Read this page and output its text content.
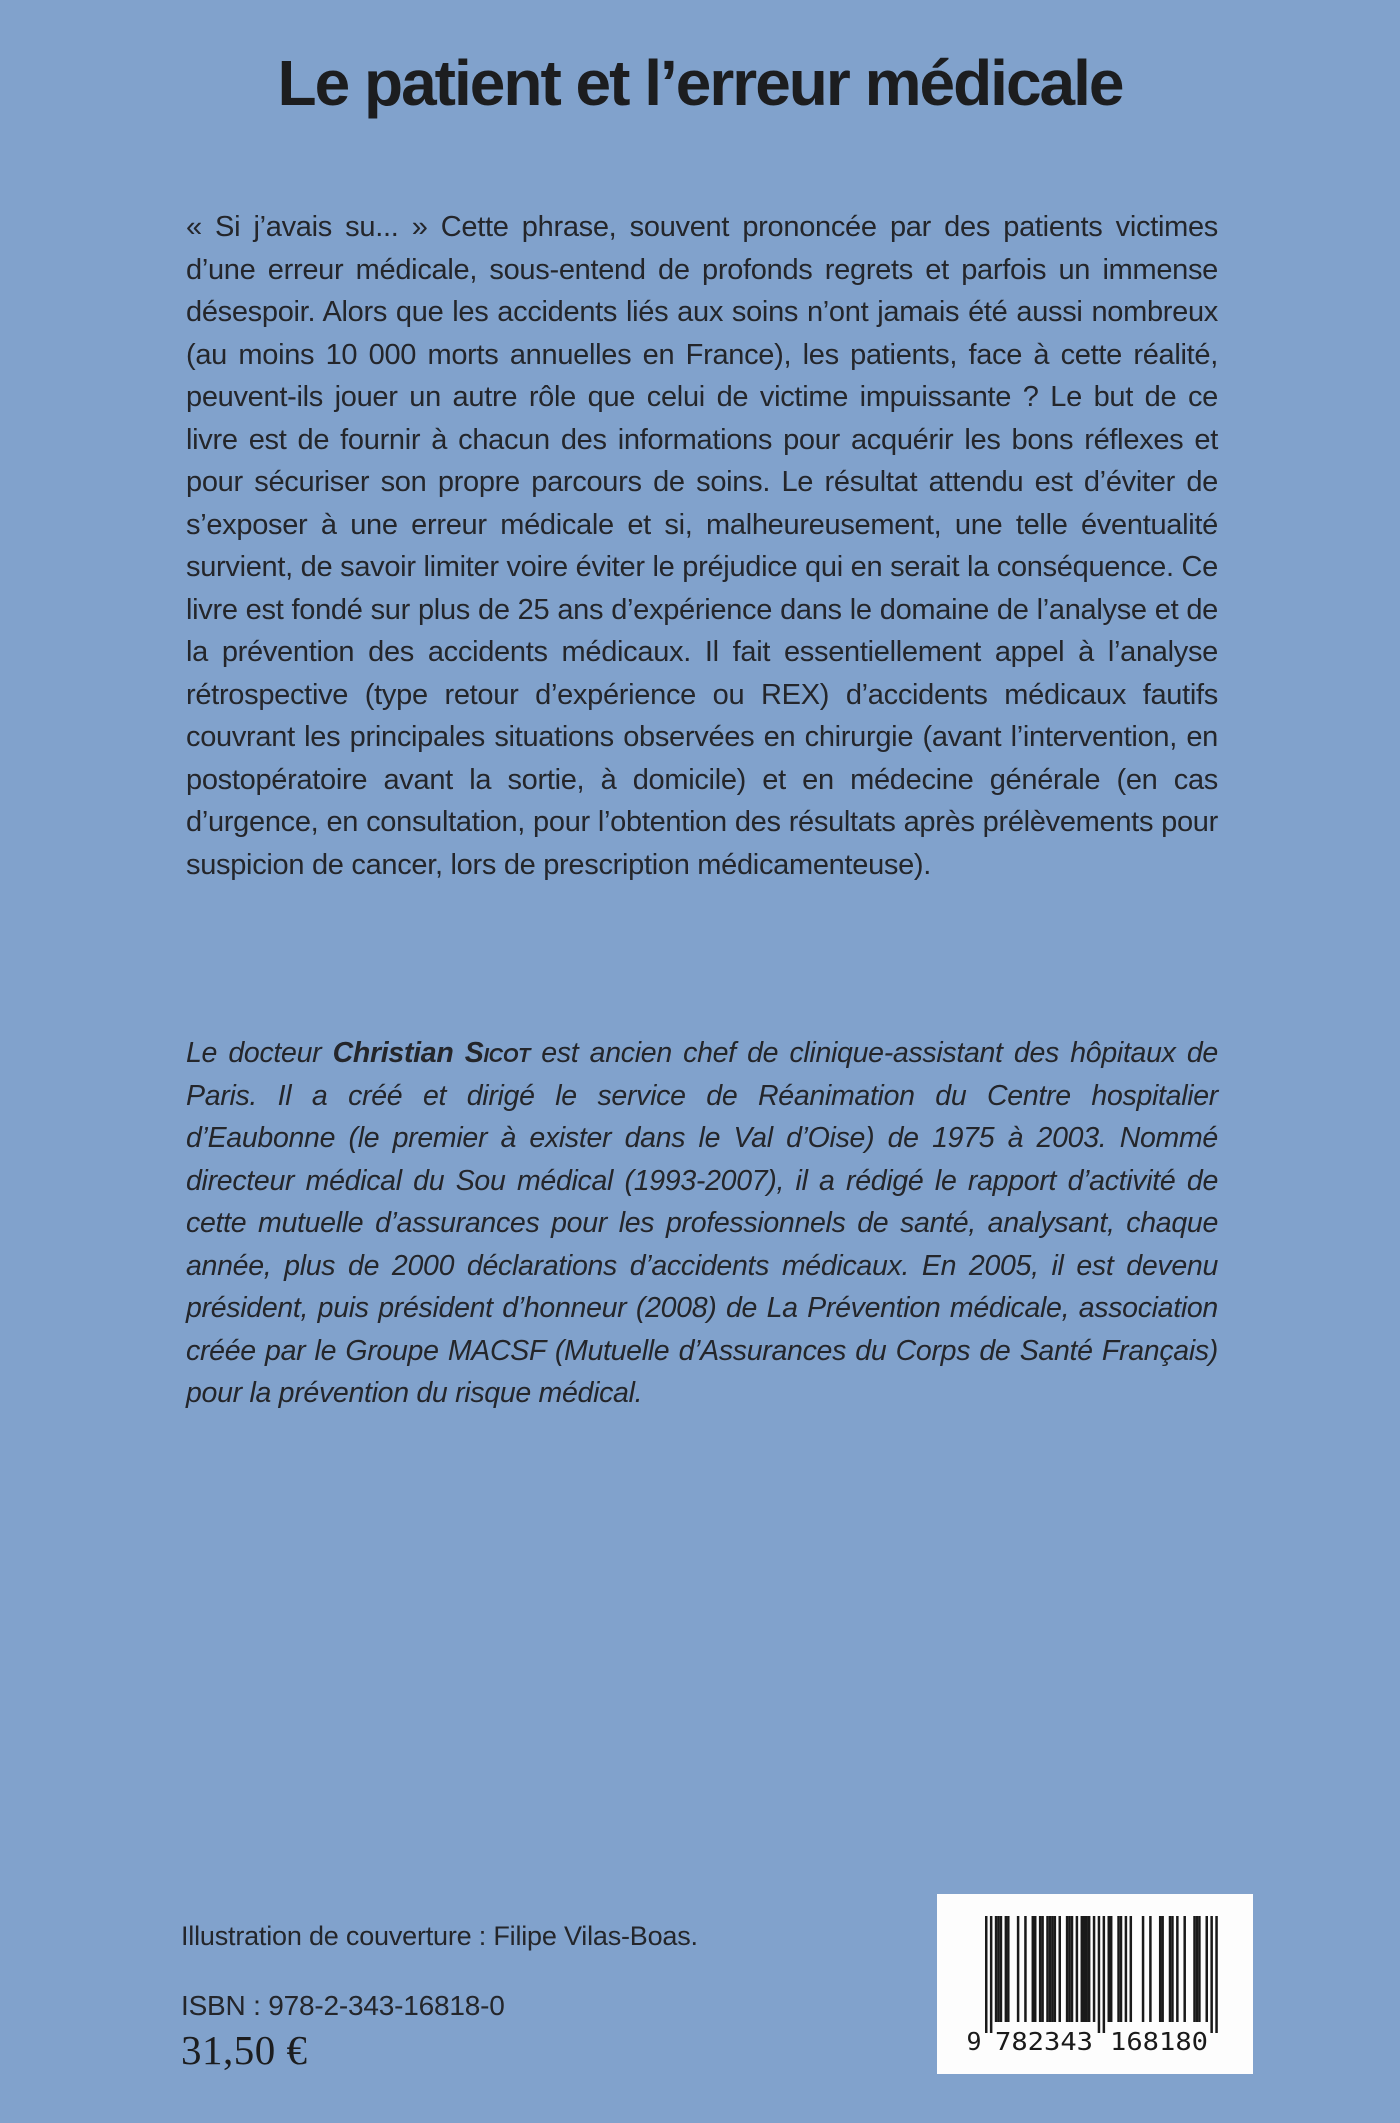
Le patient et l’erreur médicale

« Si j’avais su... » Cette phrase, souvent prononcée par des patients victimes d’une erreur médicale, sous-entend de profonds regrets et parfois un immense désespoir. Alors que les accidents liés aux soins n’ont jamais été aussi nombreux (au moins 10 000 morts annuelles en France), les patients, face à cette réalité, peuvent-ils jouer un autre rôle que celui de victime impuissante ? Le but de ce livre est de fournir à chacun des informations pour acquérir les bons réflexes et pour sécuriser son propre parcours de soins. Le résultat attendu est d’éviter de s’exposer à une erreur médicale et si, malheureusement, une telle éventualité survient, de savoir limiter voire éviter le préjudice qui en serait la conséquence. Ce livre est fondé sur plus de 25 ans d’expérience dans le domaine de l’analyse et de la prévention des accidents médicaux. Il fait essentiellement appel à l’analyse rétrospective (type retour d’expérience ou REX) d’accidents médicaux fautifs couvrant les principales situations observées en chirurgie (avant l’intervention, en postopératoire avant la sortie, à domicile) et en médecine générale (en cas d’urgence, en consultation, pour l’obtention des résultats après prélèvements pour suspicion de cancer, lors de prescription médicamenteuse).

Le docteur Christian Sicot est ancien chef de clinique-assistant des hôpitaux de Paris. Il a créé et dirigé le service de Réanimation du Centre hospitalier d’Eaubonne (le premier à exister dans le Val d’Oise) de 1975 à 2003. Nommé directeur médical du Sou médical (1993-2007), il a rédigé le rapport d’activité de cette mutuelle d’assurances pour les professionnels de santé, analysant, chaque année, plus de 2000 déclarations d’accidents médicaux. En 2005, il est devenu président, puis président d’honneur (2008) de La Prévention médicale, association créée par le Groupe MACSF (Mutuelle d’Assurances du Corps de Santé Français) pour la prévention du risque médical.

Illustration de couverture : Filipe Vilas-Boas.

ISBN : 978-2-343-16818-0

31,50 €	9 782343 168180
